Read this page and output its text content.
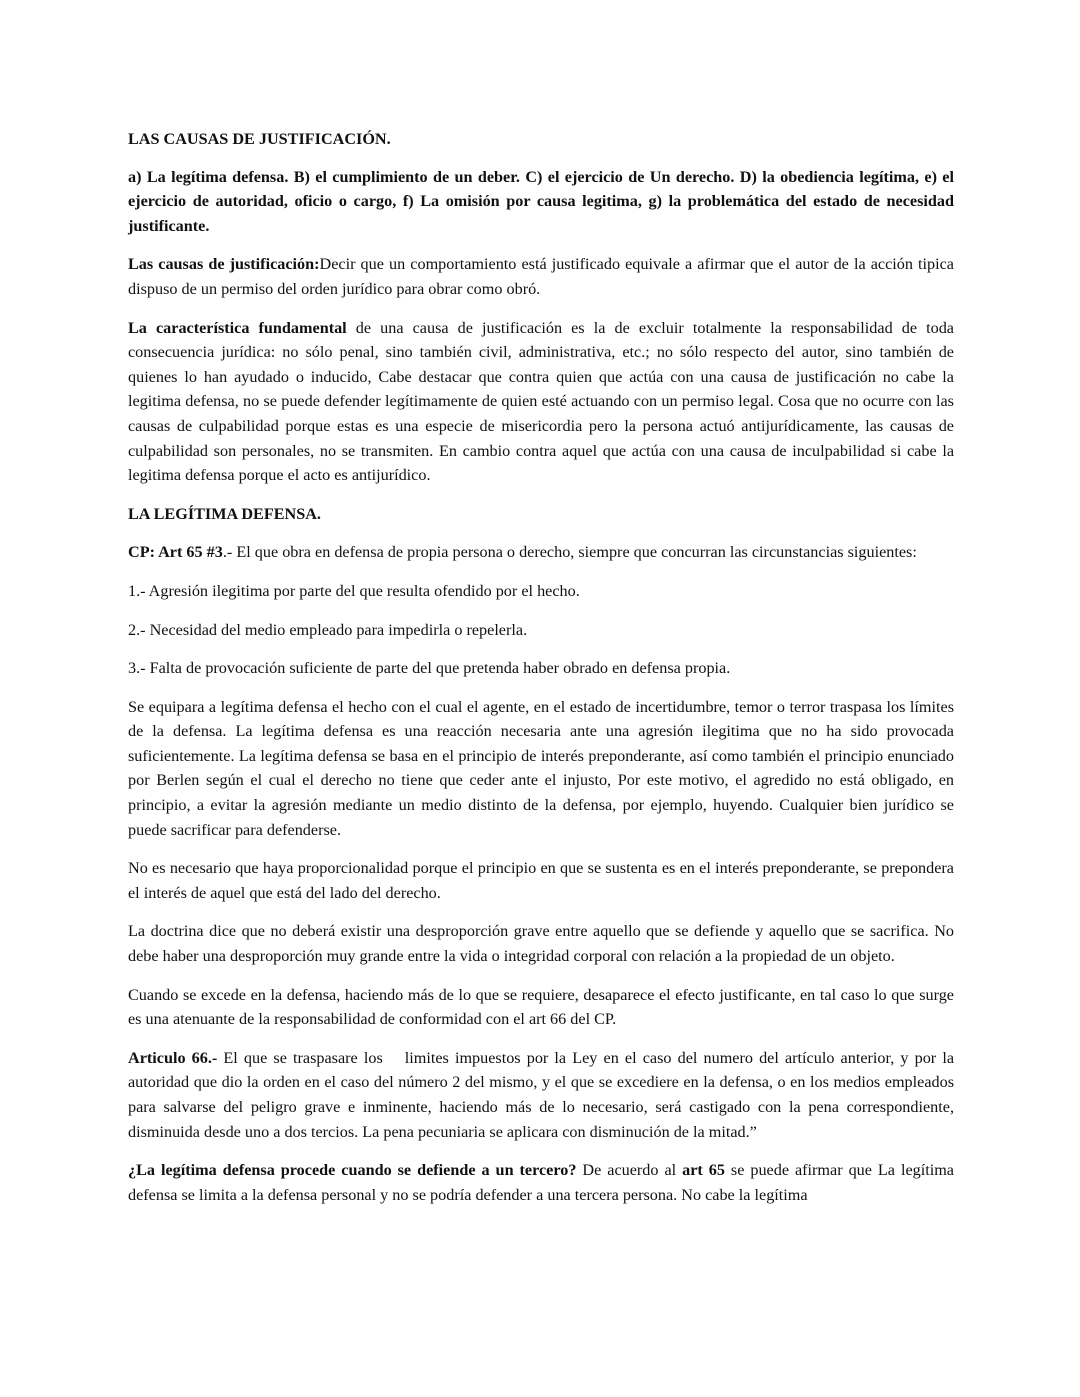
LAS CAUSAS DE JUSTIFICACIÓN.

a) La legítima defensa. B) el cumplimiento de un deber. C) el ejercicio de Un derecho. D) la obediencia legítima, e) el ejercicio de autoridad, oficio o cargo, f) La omisión por causa legitima, g) la problemática del estado de necesidad justificante.

Las causas de justificación:Decir que un comportamiento está justificado equivale a afirmar que el autor de la acción tipica dispuso de un permiso del orden jurídico para obrar como obró.

La característica fundamental de una causa de justificación es la de excluir totalmente la responsabilidad de toda consecuencia jurídica: no sólo penal, sino también civil, administrativa, etc.; no sólo respecto del autor, sino también de quienes lo han ayudado o inducido, Cabe destacar que contra quien que actúa con una causa de justificación no cabe la legitima defensa, no se puede defender legítimamente de quien esté actuando con un permiso legal. Cosa que no ocurre con las causas de culpabilidad porque estas es una especie de misericordia pero la persona actuó antijurídicamente, las causas de culpabilidad son personales, no se transmiten. En cambio contra aquel que actúa con una causa de inculpabilidad si cabe la legitima defensa porque el acto es antijurídico.

LA LEGÍTIMA DEFENSA.

CP: Art 65 #3.- El que obra en defensa de propia persona o derecho, siempre que concurran las circunstancias siguientes:

1.- Agresión ilegitima por parte del que resulta ofendido por el hecho.

2.- Necesidad del medio empleado para impedirla o repelerla.

3.- Falta de provocación suficiente de parte del que pretenda haber obrado en defensa propia.

Se equipara a legítima defensa el hecho con el cual el agente, en el estado de incertidumbre, temor o terror traspasa los límites de la defensa. La legítima defensa es una reacción necesaria ante una agresión ilegitima que no ha sido provocada suficientemente. La legítima defensa se basa en el principio de interés preponderante, así como también el principio enunciado por Berlen según el cual el derecho no tiene que ceder ante el injusto, Por este motivo, el agredido no está obligado, en principio, a evitar la agresión mediante un medio distinto de la defensa, por ejemplo, huyendo. Cualquier bien jurídico se puede sacrificar para defenderse.

No es necesario que haya proporcionalidad porque el principio en que se sustenta es en el interés preponderante, se prepondera el interés de aquel que está del lado del derecho.

La doctrina dice que no deberá existir una desproporción grave entre aquello que se defiende y aquello que se sacrifica. No debe haber una desproporción muy grande entre la vida o integridad corporal con relación a la propiedad de un objeto.

Cuando se excede en la defensa, haciendo más de lo que se requiere, desaparece el efecto justificante, en tal caso lo que surge es una atenuante de la responsabilidad de conformidad con el art 66 del CP.

Articulo 66.- El que se traspasare los limites impuestos por la Ley en el caso del numero del artículo anterior, y por la autoridad que dio la orden en el caso del número 2 del mismo, y el que se excediere en la defensa, o en los medios empleados para salvarse del peligro grave e inminente, haciendo más de lo necesario, será castigado con la pena correspondiente, disminuida desde uno a dos tercios. La pena pecuniaria se aplicara con disminución de la mitad.”

¿La legítima defensa procede cuando se defiende a un tercero? De acuerdo al art 65 se puede afirmar que La legítima defensa se limita a la defensa personal y no se podría defender a una tercera persona. No cabe la legítima
